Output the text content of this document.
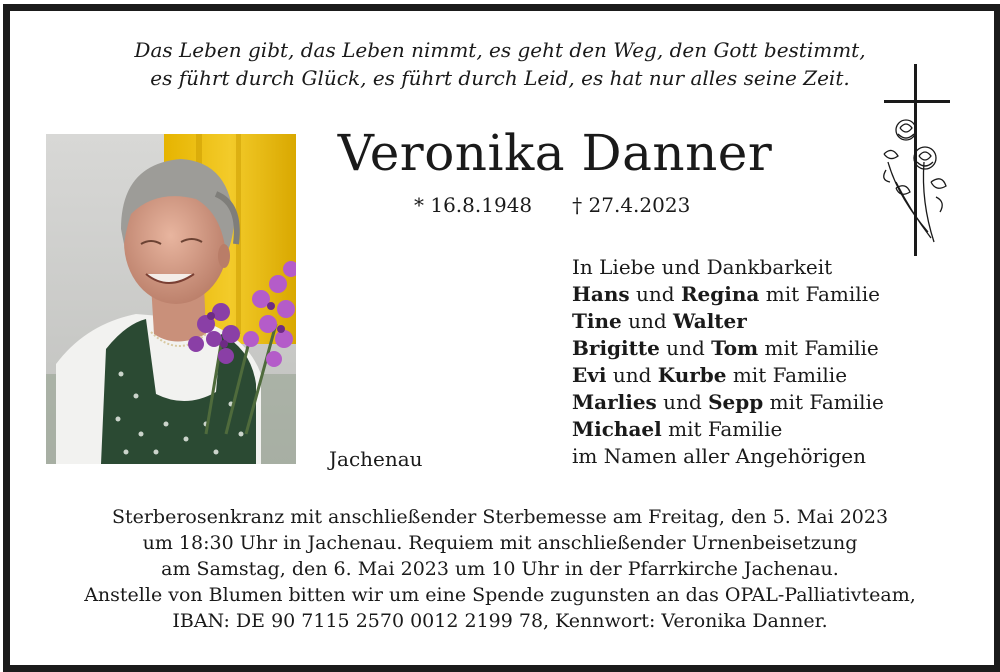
Das Leben gibt, das Leben nimmt, es geht den Weg, den Gott bestimmt,
es führt durch Glück, es führt durch Leid, es hat nur alles seine Zeit.
Veronika Danner
* 16.8.1948 † 27.4.2023
In Liebe und Dankbarkeit
Hans und Regina mit Familie
Tine und Walter
Brigitte und Tom mit Familie
Evi und Kurbe mit Familie
Marlies und Sepp mit Familie
Michael mit Familie
im Namen aller Angehörigen
Jachenau
Sterberosenkranz mit anschließender Sterbemesse am Freitag, den 5. Mai 2023
um 18:30 Uhr in Jachenau. Requiem mit anschließender Urnenbeisetzung
am Samstag, den 6. Mai 2023 um 10 Uhr in der Pfarrkirche Jachenau.
Anstelle von Blumen bitten wir um eine Spende zugunsten an das OPAL-Palliativteam,
IBAN: DE 90 7115 2570 0012 2199 78, Kennwort: Veronika Danner.
